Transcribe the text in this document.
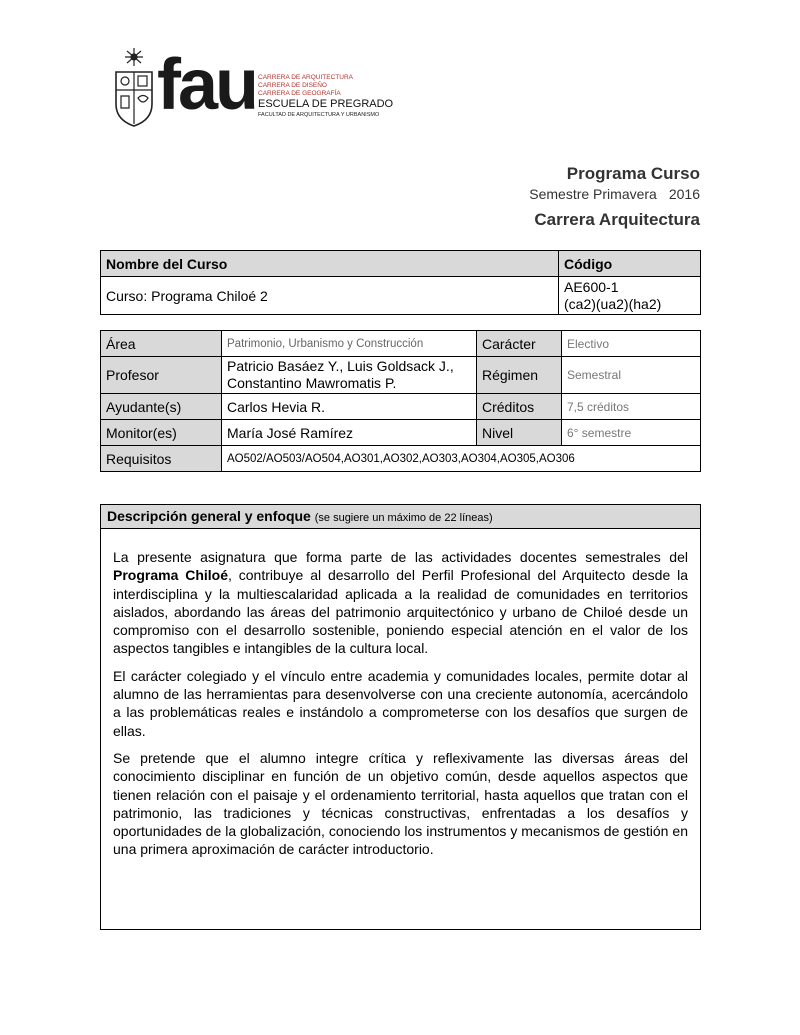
fau CARRERA DE ARQUITECTURA
CARRERA DE DISEÑO
CARRERA DE GEOGRAFÍA
ESCUELA DE PREGRADO
FACULTAD DE ARQUITECTURA Y URBANISMO
Programa Curso
Semestre Primavera 2016
Carrera Arquitectura
Nombre del Curso	Código
Curso: Programa Chiloé 2	AE600-1
(ca2)(ua2)(ha2)
Área	Patrimonio, Urbanismo y Construcción	Carácter	Electivo
Profesor	Patricio Basáez Y., Luis Goldsack J., Constantino Mawromatis P.	Régimen	Semestral
Ayudante(s)	Carlos Hevia R.	Créditos	7,5 créditos
Monitor(es)	María José Ramírez	Nivel	6° semestre
Requisitos	AO502/AO503/AO504,AO301,AO302,AO303,AO304,AO305,AO306		
Descripción general y enfoque (se sugiere un máximo de 22 líneas)

La presente asignatura que forma parte de las actividades docentes semestrales del Programa Chiloé, contribuye al desarrollo del Perfil Profesional del Arquitecto desde la interdisciplina y la multiescalaridad aplicada a la realidad de comunidades en territorios aislados, abordando las áreas del patrimonio arquitectónico y urbano de Chiloé desde un compromiso con el desarrollo sostenible, poniendo especial atención en el valor de los aspectos tangibles e intangibles de la cultura local.

El carácter colegiado y el vínculo entre academia y comunidades locales, permite dotar al alumno de las herramientas para desenvolverse con una creciente autonomía, acercándolo a las problemáticas reales e instándolo a comprometerse con los desafíos que surgen de ellas.

Se pretende que el alumno integre crítica y reflexivamente las diversas áreas del conocimiento disciplinar en función de un objetivo común, desde aquellos aspectos que tienen relación con el paisaje y el ordenamiento territorial, hasta aquellos que tratan con el patrimonio, las tradiciones y técnicas constructivas, enfrentadas a los desafíos y oportunidades de la globalización, conociendo los instrumentos y mecanismos de gestión en una primera aproximación de carácter introductorio.
